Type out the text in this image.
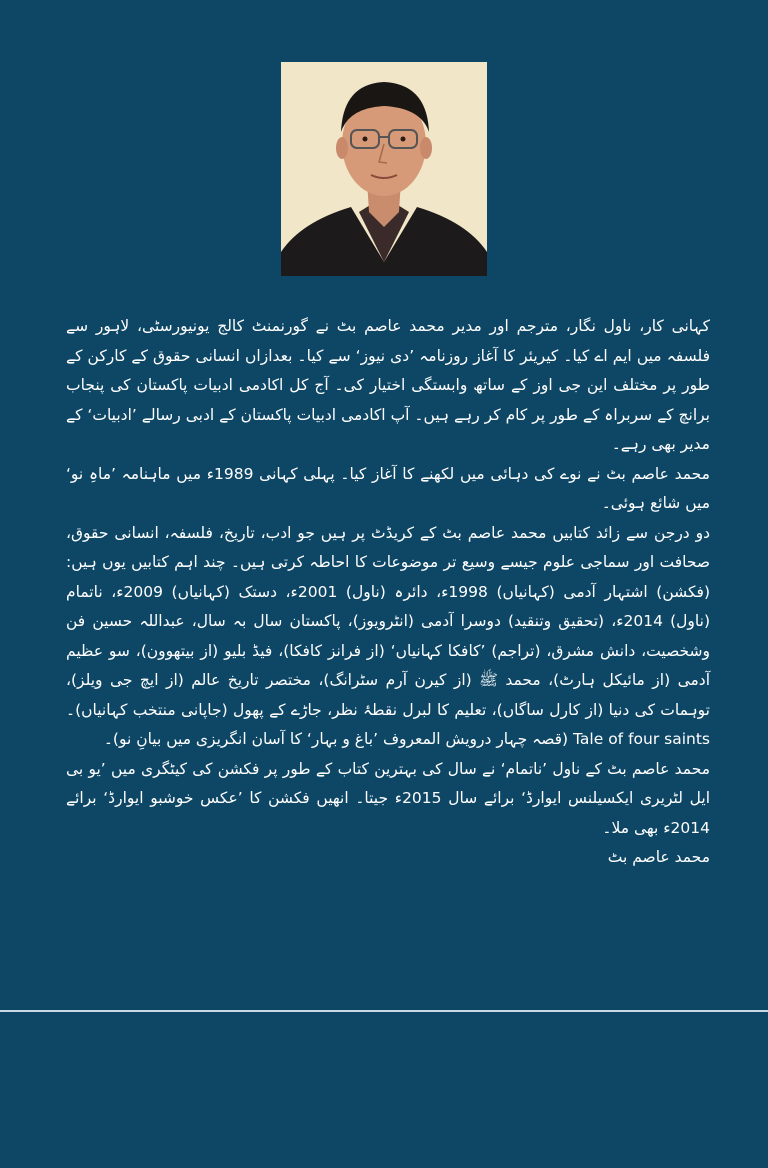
کہانی کار، ناول نگار، مترجم اور مدیر محمد عاصم بٹ نے گورنمنٹ کالج یونیورسٹی، لاہور سے فلسفہ میں ایم اے کیا۔ کیریئر کا آغاز روزنامہ ’دی نیوز‘ سے کیا۔ بعدازاں انسانی حقوق کے کارکن کے طور پر مختلف این جی اوز کے ساتھ وابستگی اختیار کی۔ آج کل اکادمی ادبیات پاکستان کی پنجاب برانچ کے سربراہ کے طور پر کام کر رہے ہیں۔ آپ اکادمی ادبیات پاکستان کے ادبی رسالے ’ادبیات‘ کے مدیر بھی رہے۔

محمد عاصم بٹ نے نوے کی دہائی میں لکھنے کا آغاز کیا۔ پہلی کہانی 1989ء میں ماہنامہ ’ماہِ نو‘ میں شائع ہوئی۔

دو درجن سے زائد کتابیں محمد عاصم بٹ کے کریڈٹ پر ہیں جو ادب، تاریخ، فلسفہ، انسانی حقوق، صحافت اور سماجی علوم جیسے وسیع تر موضوعات کا احاطہ کرتی ہیں۔ چند اہم کتابیں یوں ہیں: (فکشن) اشتہار آدمی (کہانیاں) 1998ء، دائرہ (ناول) 2001ء، دستک (کہانیاں) 2009ء، ناتمام (ناول) 2014ء، (تحقیق وتنقید) دوسرا آدمی (انٹرویوز)، پاکستان سال بہ سال، عبداللہ حسین فن وشخصیت، دانش مشرق، (تراجم) ’کافکا کہانیاں‘ (از فرانز کافکا)، فیڈ بلیو (از بیتھوون)، سو عظیم آدمی (از مائیکل ہارٹ)، محمد ﷺ (از کیرن آرم سٹرانگ)، مختصر تاریخ عالم (از ایچ جی ویلز)، توہمات کی دنیا (از کارل ساگاں)، تعلیم کا لبرل نقطۂ نظر، جاڑے کے پھول (جاپانی منتخب کہانیاں)۔ Tale of four saints (قصہ چہار درویش المعروف ’باغ و بہار‘ کا آسان انگریزی میں بیانِ نو)۔

محمد عاصم بٹ کے ناول ’ناتمام‘ نے سال کی بہترین کتاب کے طور پر فکشن کی کیٹگری میں ’یو بی ایل لٹریری ایکسیلنس ایوارڈ‘ برائے سال 2015ء جیتا۔ انھیں فکشن کا ’عکس خوشبو ایوارڈ‘ برائے 2014ء بھی ملا۔

محمد عاصم بٹ
